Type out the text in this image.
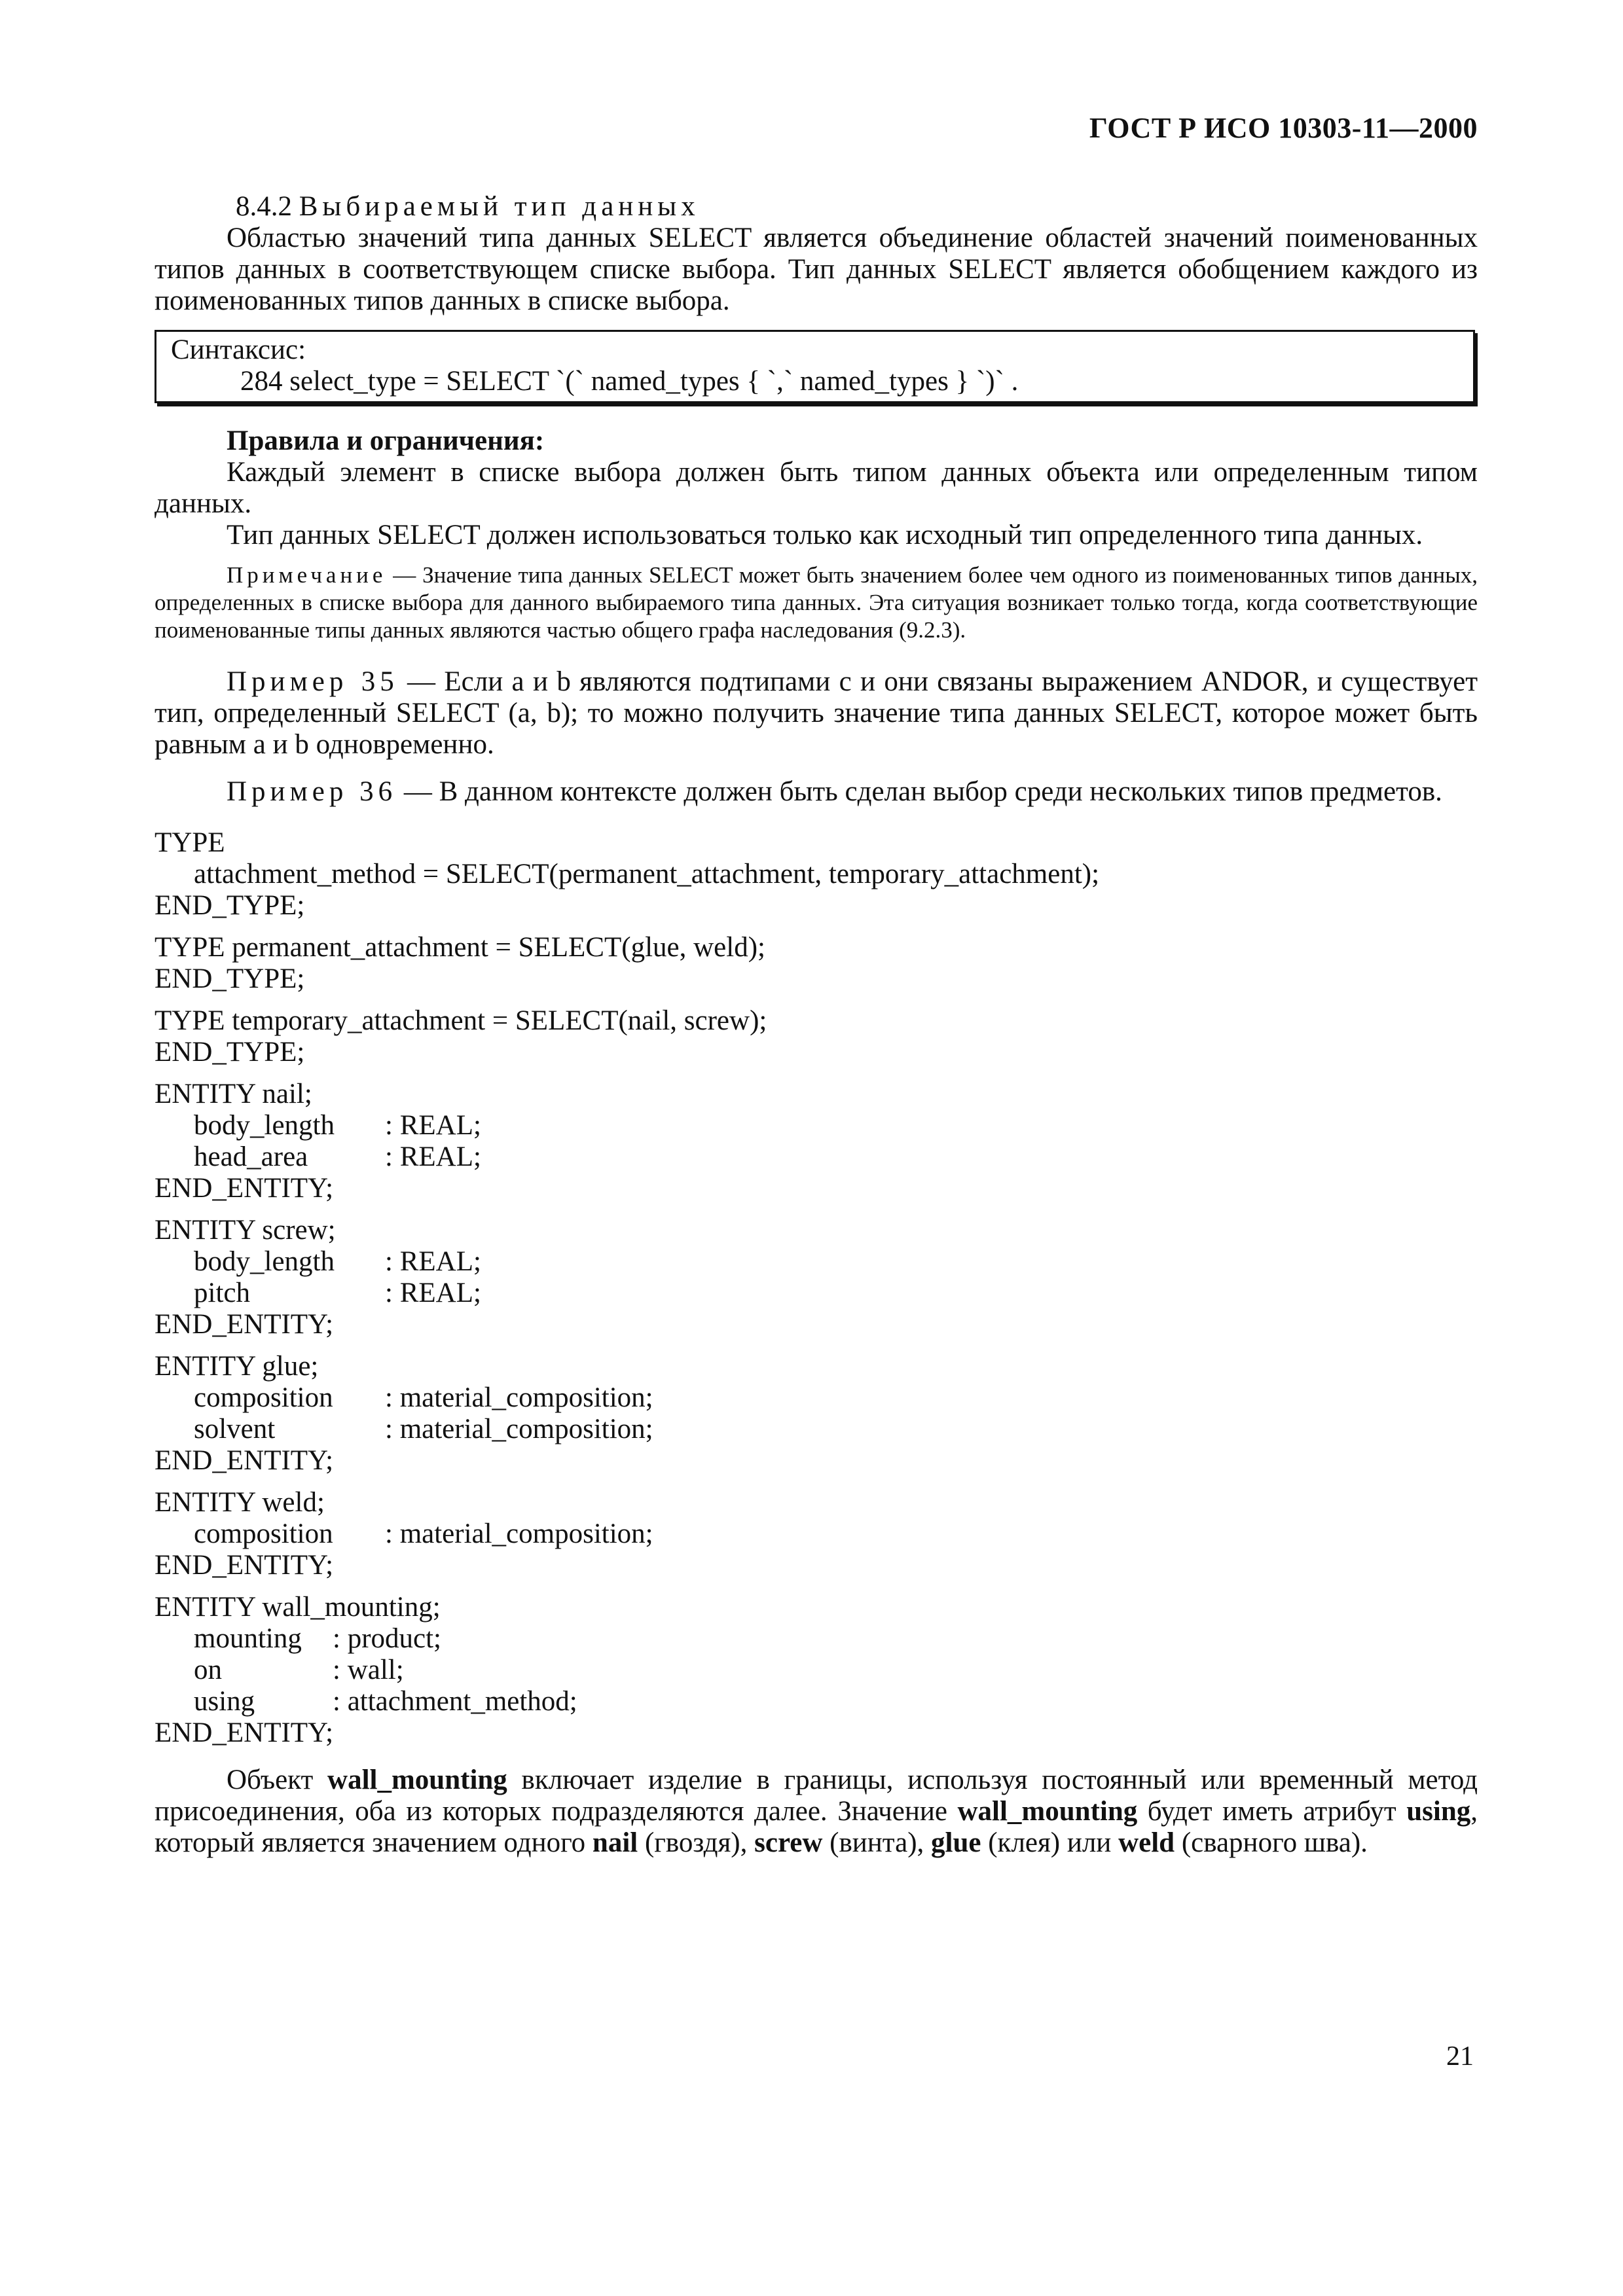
ГОСТ Р ИСО 10303-11—2000

8.4.2 Выбираемый тип данных

Областью значений типа данных SELECT является объединение областей значений поименованных типов данных в соответствующем списке выбора. Тип данных SELECT является обобщением каждого из поименованных типов данных в списке выбора.

Синтаксис:
284 select_type = SELECT `(` named_types { `,` named_types } `)` .
Правила и ограничения:

Каждый элемент в списке выбора должен быть типом данных объекта или определенным типом данных.

Тип данных SELECT должен использоваться только как исходный тип определенного типа данных.

Примечание — Значение типа данных SELECT может быть значением более чем одного из поименованных типов данных, определенных в списке выбора для данного выбираемого типа данных. Эта ситуация возникает только тогда, когда соответствующие поименованные типы данных являются частью общего графа наследования (9.2.3).

Пример 35 — Если a и b являются подтипами c и они связаны выражением ANDOR, и существует тип, определенный SELECT (a, b); то можно получить значение типа данных SELECT, которое может быть равным a и b одновременно.

Пример 36 — В данном контексте должен быть сделан выбор среди нескольких типов предметов.

TYPE
attachment_method = SELECT(permanent_attachment, temporary_attachment);
END_TYPE;
TYPE permanent_attachment = SELECT(glue, weld);
END_TYPE;
TYPE temporary_attachment = SELECT(nail, screw);
END_TYPE;
ENTITY nail;
body_length : REAL;
head_area	: REAL;
END_ENTITY;
ENTITY screw;
body_length : REAL;
pitch	: REAL;
END_ENTITY;
ENTITY glue;
composition : material_composition;
solvent	: material_composition;
END_ENTITY;
ENTITY weld;
composition : material_composition;
END_ENTITY;
ENTITY wall_mounting;
mounting : product;
on	: wall;
using	: attachment_method;
END_ENTITY;

Объект wall_mounting включает изделие в границы, используя постоянный или временный метод присоединения, оба из которых подразделяются далее. Значение wall_mounting будет иметь атрибут using, который является значением одного nail (гвоздя), screw (винта), glue (клея) или weld (сварного шва).

21
